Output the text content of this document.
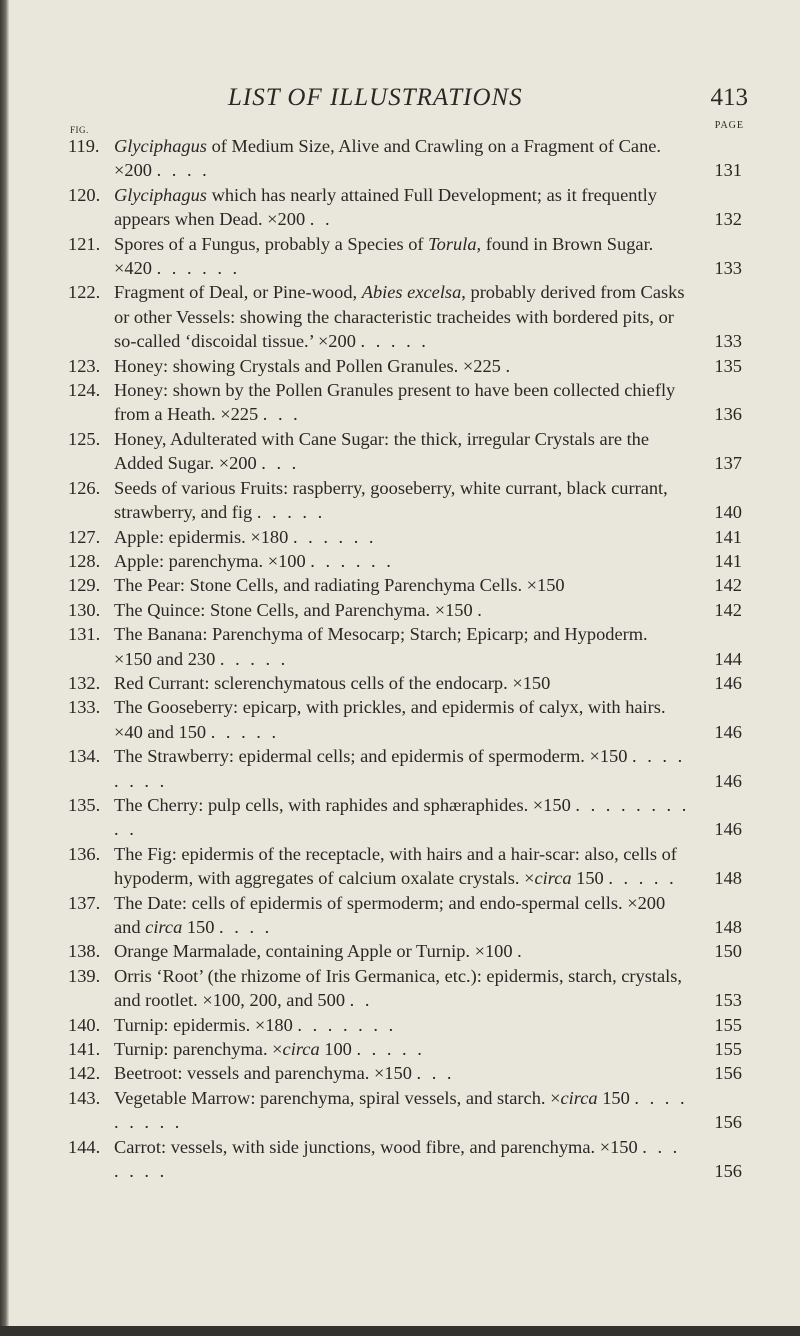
LIST OF ILLUSTRATIONS	413
PAGE
FIG.
119. Glyciphagus of Medium Size, Alive and Crawling on a Fragment of Cane. ×200 . . . .	131
120. Glyciphagus which has nearly attained Full Development; as it frequently appears when Dead. ×200 . .	132
121. Spores of a Fungus, probably a Species of Torula, found in Brown Sugar. ×420 . . . . . .	133
122. Fragment of Deal, or Pine-wood, Abies excelsa, probably derived from Casks or other Vessels: showing the characteristic tracheides with bordered pits, or so-called ‘discoidal tissue.’ ×200 . . . . .	133
123. Honey: showing Crystals and Pollen Granules. ×225 .	135
124. Honey: shown by the Pollen Granules present to have been collected chiefly from a Heath. ×225 . . .	136
125. Honey, Adulterated with Cane Sugar: the thick, irregular Crystals are the Added Sugar. ×200 . . .	137
126. Seeds of various Fruits: raspberry, gooseberry, white currant, black currant, strawberry, and fig . . . . .	140
127. Apple: epidermis. ×180 . . . . . .	141
128. Apple: parenchyma. ×100 . . . . . .	141
129. The Pear: Stone Cells, and radiating Parenchyma Cells. ×150	142
130. The Quince: Stone Cells, and Parenchyma. ×150 .	142
131. The Banana: Parenchyma of Mesocarp; Starch; Epicarp; and Hypoderm. ×150 and 230 . . . . .	144
132. Red Currant: sclerenchymatous cells of the endocarp. ×150	146
133. The Gooseberry: epicarp, with prickles, and epidermis of calyx, with hairs. ×40 and 150 . . . . .	146
134. The Strawberry: epidermal cells; and epidermis of spermoderm. ×150 . . . . . . . .	146
135. The Cherry: pulp cells, with raphides and sphæraphides. ×150 . . . . . . . . . .	146
136. The Fig: epidermis of the receptacle, with hairs and a hair-scar: also, cells of hypoderm, with aggregates of calcium oxalate crystals. ×circa 150 . . . . .	148
137. The Date: cells of epidermis of spermoderm; and endo-spermal cells. ×200 and circa 150 . . . .	148
138. Orange Marmalade, containing Apple or Turnip. ×100 .	150
139. Orris ‘Root’ (the rhizome of Iris Germanica, etc.): epidermis, starch, crystals, and rootlet. ×100, 200, and 500 . .	153
140. Turnip: epidermis. ×180 . . . . . . .	155
141. Turnip: parenchyma. ×circa 100 . . . . .	155
142. Beetroot: vessels and parenchyma. ×150 . . .	156
143. Vegetable Marrow: parenchyma, spiral vessels, and starch. ×circa 150 . . . . . . . . .	156
144. Carrot: vessels, with side junctions, wood fibre, and parenchyma. ×150 . . . . . . .	156
